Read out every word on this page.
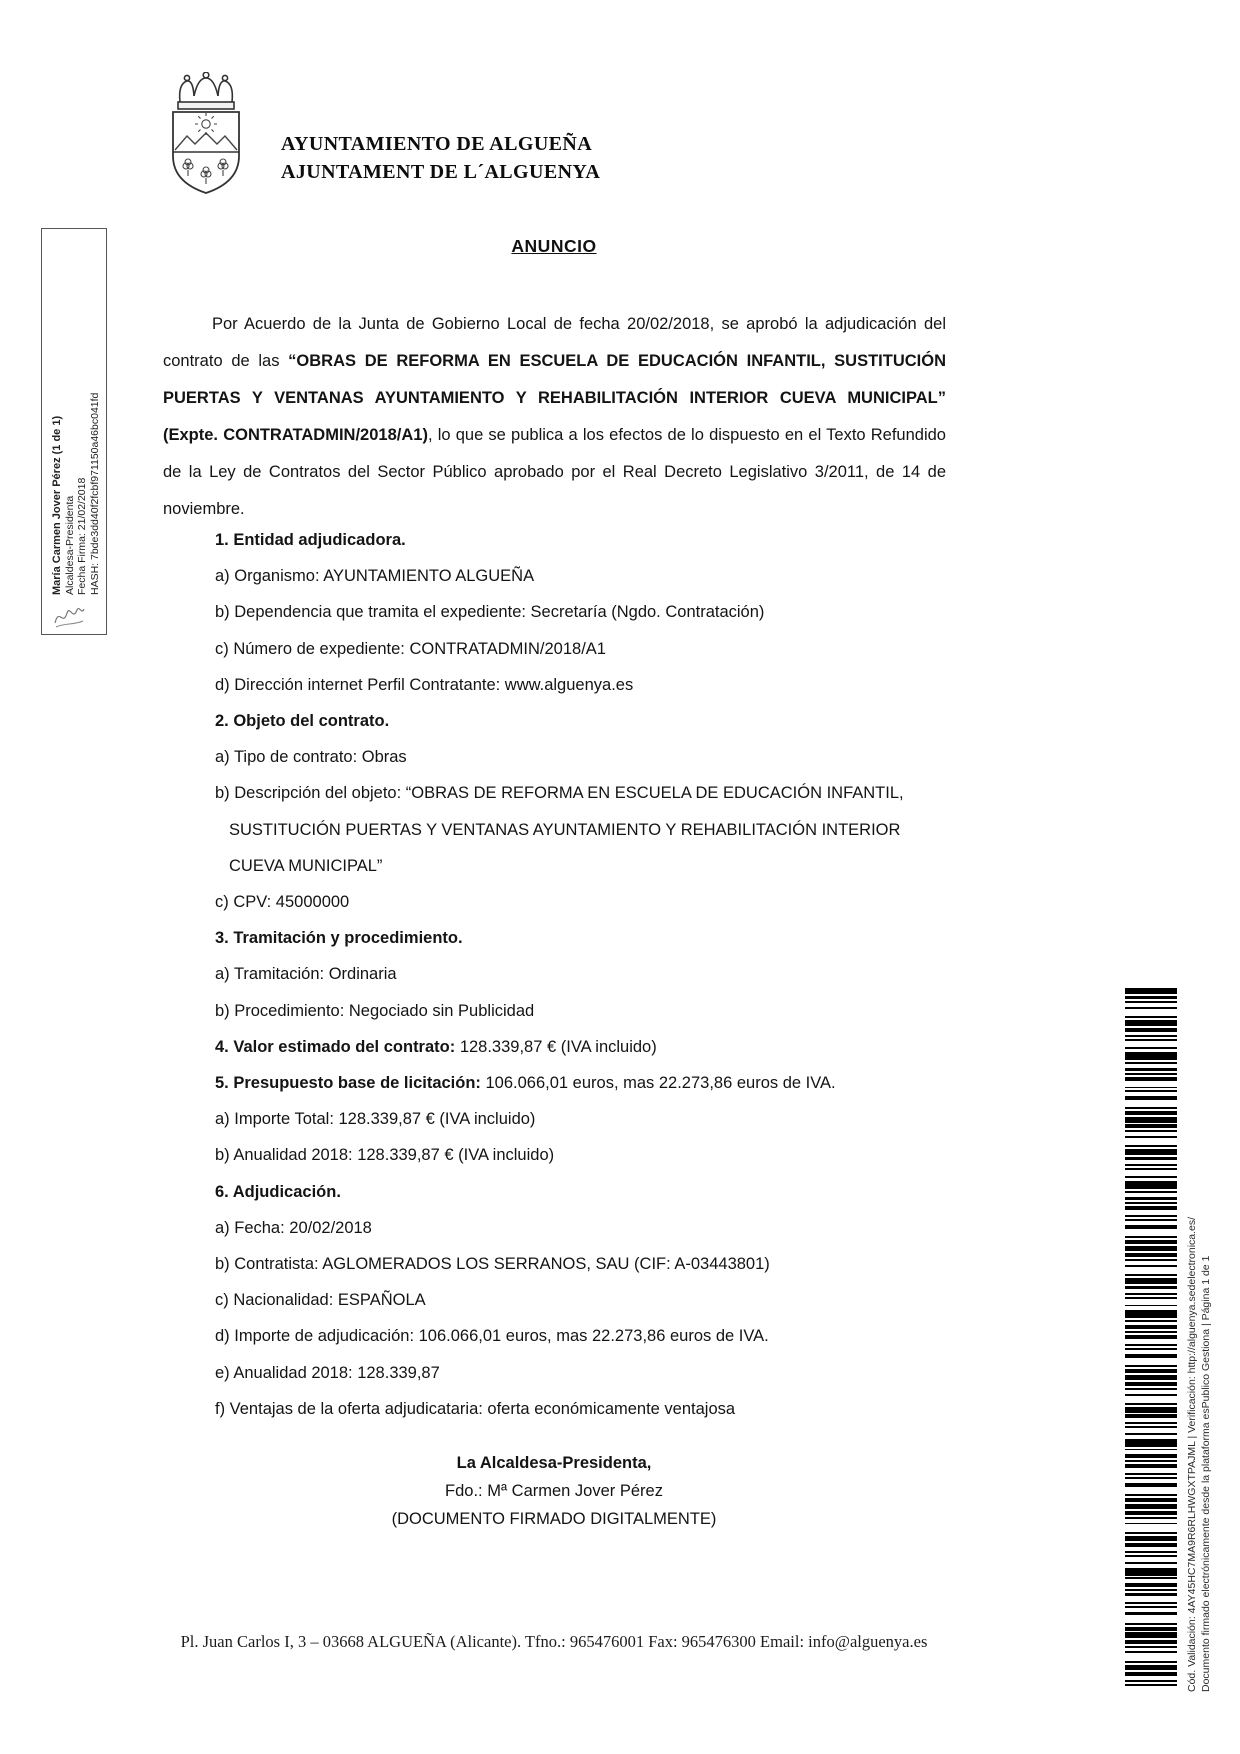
María Carmen Jover Pérez (1 de 1) Alcaldesa-Presidenta Fecha Firma: 21/02/2018 HASH: 7bde3dd40f2fcbf971150a46bc041fd
AYUNTAMIENTO DE ALGUEÑA
AJUNTAMENT DE L´ALGUENYA
ANUNCIO
Por Acuerdo de la Junta de Gobierno Local de fecha 20/02/2018, se aprobó la adjudicación del contrato de las “OBRAS DE REFORMA EN ESCUELA DE EDUCACIÓN INFANTIL, SUSTITUCIÓN PUERTAS Y VENTANAS AYUNTAMIENTO Y REHABILITACIÓN INTERIOR CUEVA MUNICIPAL” (Expte. CONTRATADMIN/2018/A1), lo que se publica a los efectos de lo dispuesto en el Texto Refundido de la Ley de Contratos del Sector Público aprobado por el Real Decreto Legislativo 3/2011, de 14 de noviembre.
1. Entidad adjudicadora.
a) Organismo: AYUNTAMIENTO ALGUEÑA
b) Dependencia que tramita el expediente: Secretaría (Ngdo. Contratación)
c) Número de expediente: CONTRATADMIN/2018/A1
d) Dirección internet Perfil Contratante: www.alguenya.es
2. Objeto del contrato.
a) Tipo de contrato: Obras
b) Descripción del objeto: “OBRAS DE REFORMA EN ESCUELA DE EDUCACIÓN INFANTIL, SUSTITUCIÓN PUERTAS Y VENTANAS AYUNTAMIENTO Y REHABILITACIÓN INTERIOR CUEVA MUNICIPAL”
c) CPV: 45000000
3. Tramitación y procedimiento.
a) Tramitación: Ordinaria
b) Procedimiento: Negociado sin Publicidad
4. Valor estimado del contrato: 128.339,87 € (IVA incluido)
5. Presupuesto base de licitación: 106.066,01 euros, mas 22.273,86 euros de IVA.
a) Importe Total: 128.339,87 € (IVA incluido)
b) Anualidad 2018: 128.339,87 € (IVA incluido)
6. Adjudicación.
a) Fecha: 20/02/2018
b) Contratista: AGLOMERADOS LOS SERRANOS, SAU (CIF: A-03443801)
c) Nacionalidad: ESPAÑOLA
d) Importe de adjudicación: 106.066,01 euros, mas 22.273,86 euros de IVA.
e) Anualidad 2018: 128.339,87
f) Ventajas de la oferta adjudicataria: oferta económicamente ventajosa
La Alcaldesa-Presidenta,
Fdo.: Mª Carmen Jover Pérez
(DOCUMENTO FIRMADO DIGITALMENTE)
Pl. Juan Carlos I, 3 – 03668 ALGUEÑA (Alicante). Tfno.: 965476001 Fax: 965476300 Email: info@alguenya.es	Cód. Validación: 4AY45HC7MA9R6RLHWGXTPAJML | Verificación: http://alguenya.sedelectronica.es/ Documento firmado electrónicamente desde la plataforma esPublico Gestiona | Página 1 de 1
